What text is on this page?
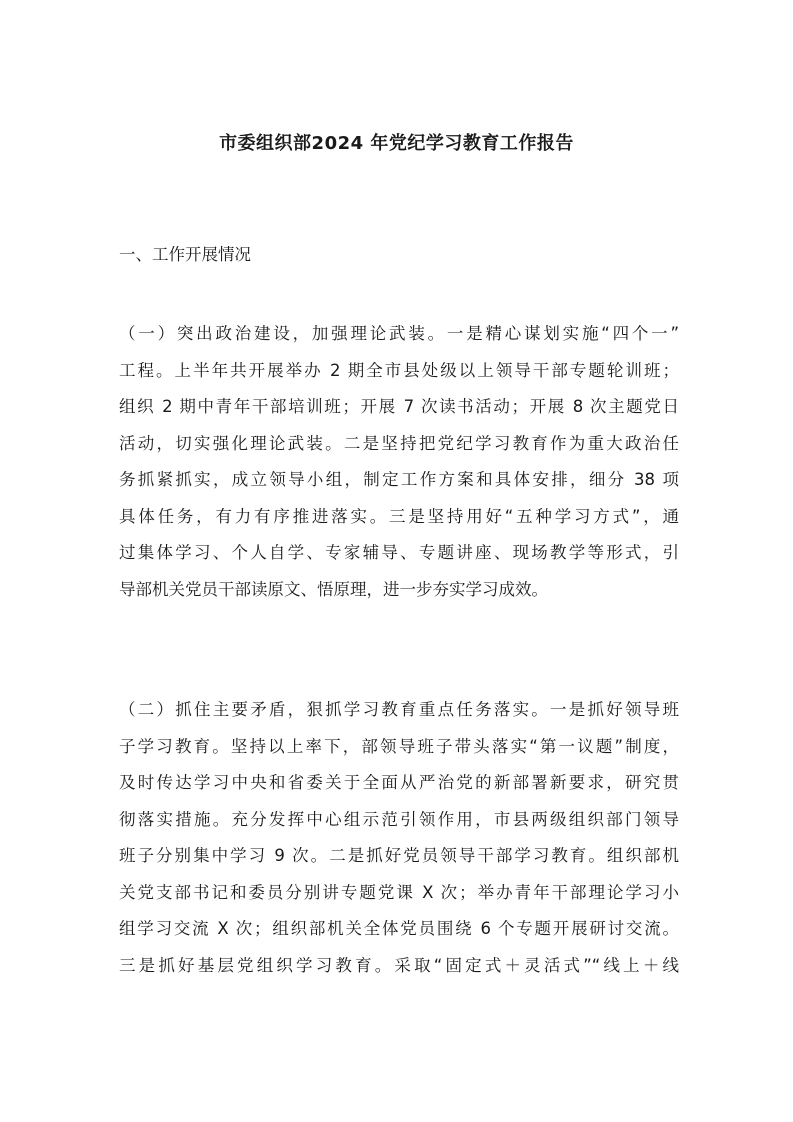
市委组织部2024 年党纪学习教育工作报告
一、工作开展情况
（一）突出政治建设，加强理论武装。一是精心谋划实施“四个一”
工程。上半年共开展举办 2 期全市县处级以上领导干部专题轮训班；
组织 2 期中青年干部培训班；开展 7 次读书活动；开展 8 次主题党日
活动，切实强化理论武装。二是坚持把党纪学习教育作为重大政治任
务抓紧抓实，成立领导小组，制定工作方案和具体安排，细分 38 项
具体任务，有力有序推进落实。三是坚持用好“五种学习方式”，通
过集体学习、个人自学、专家辅导、专题讲座、现场教学等形式，引
导部机关党员干部读原文、悟原理，进一步夯实学习成效。
（二）抓住主要矛盾，狠抓学习教育重点任务落实。一是抓好领导班
子学习教育。坚持以上率下，部领导班子带头落实“第一议题”制度，
及时传达学习中央和省委关于全面从严治党的新部署新要求，研究贯
彻落实措施。充分发挥中心组示范引领作用，市县两级组织部门领导
班子分别集中学习 9 次。二是抓好党员领导干部学习教育。组织部机
关党支部书记和委员分别讲专题党课 X 次；举办青年干部理论学习小
组学习交流 X 次；组织部机关全体党员围绕 6 个专题开展研讨交流。
三是抓好基层党组织学习教育。采取“固定式＋灵活式”“线上＋线
